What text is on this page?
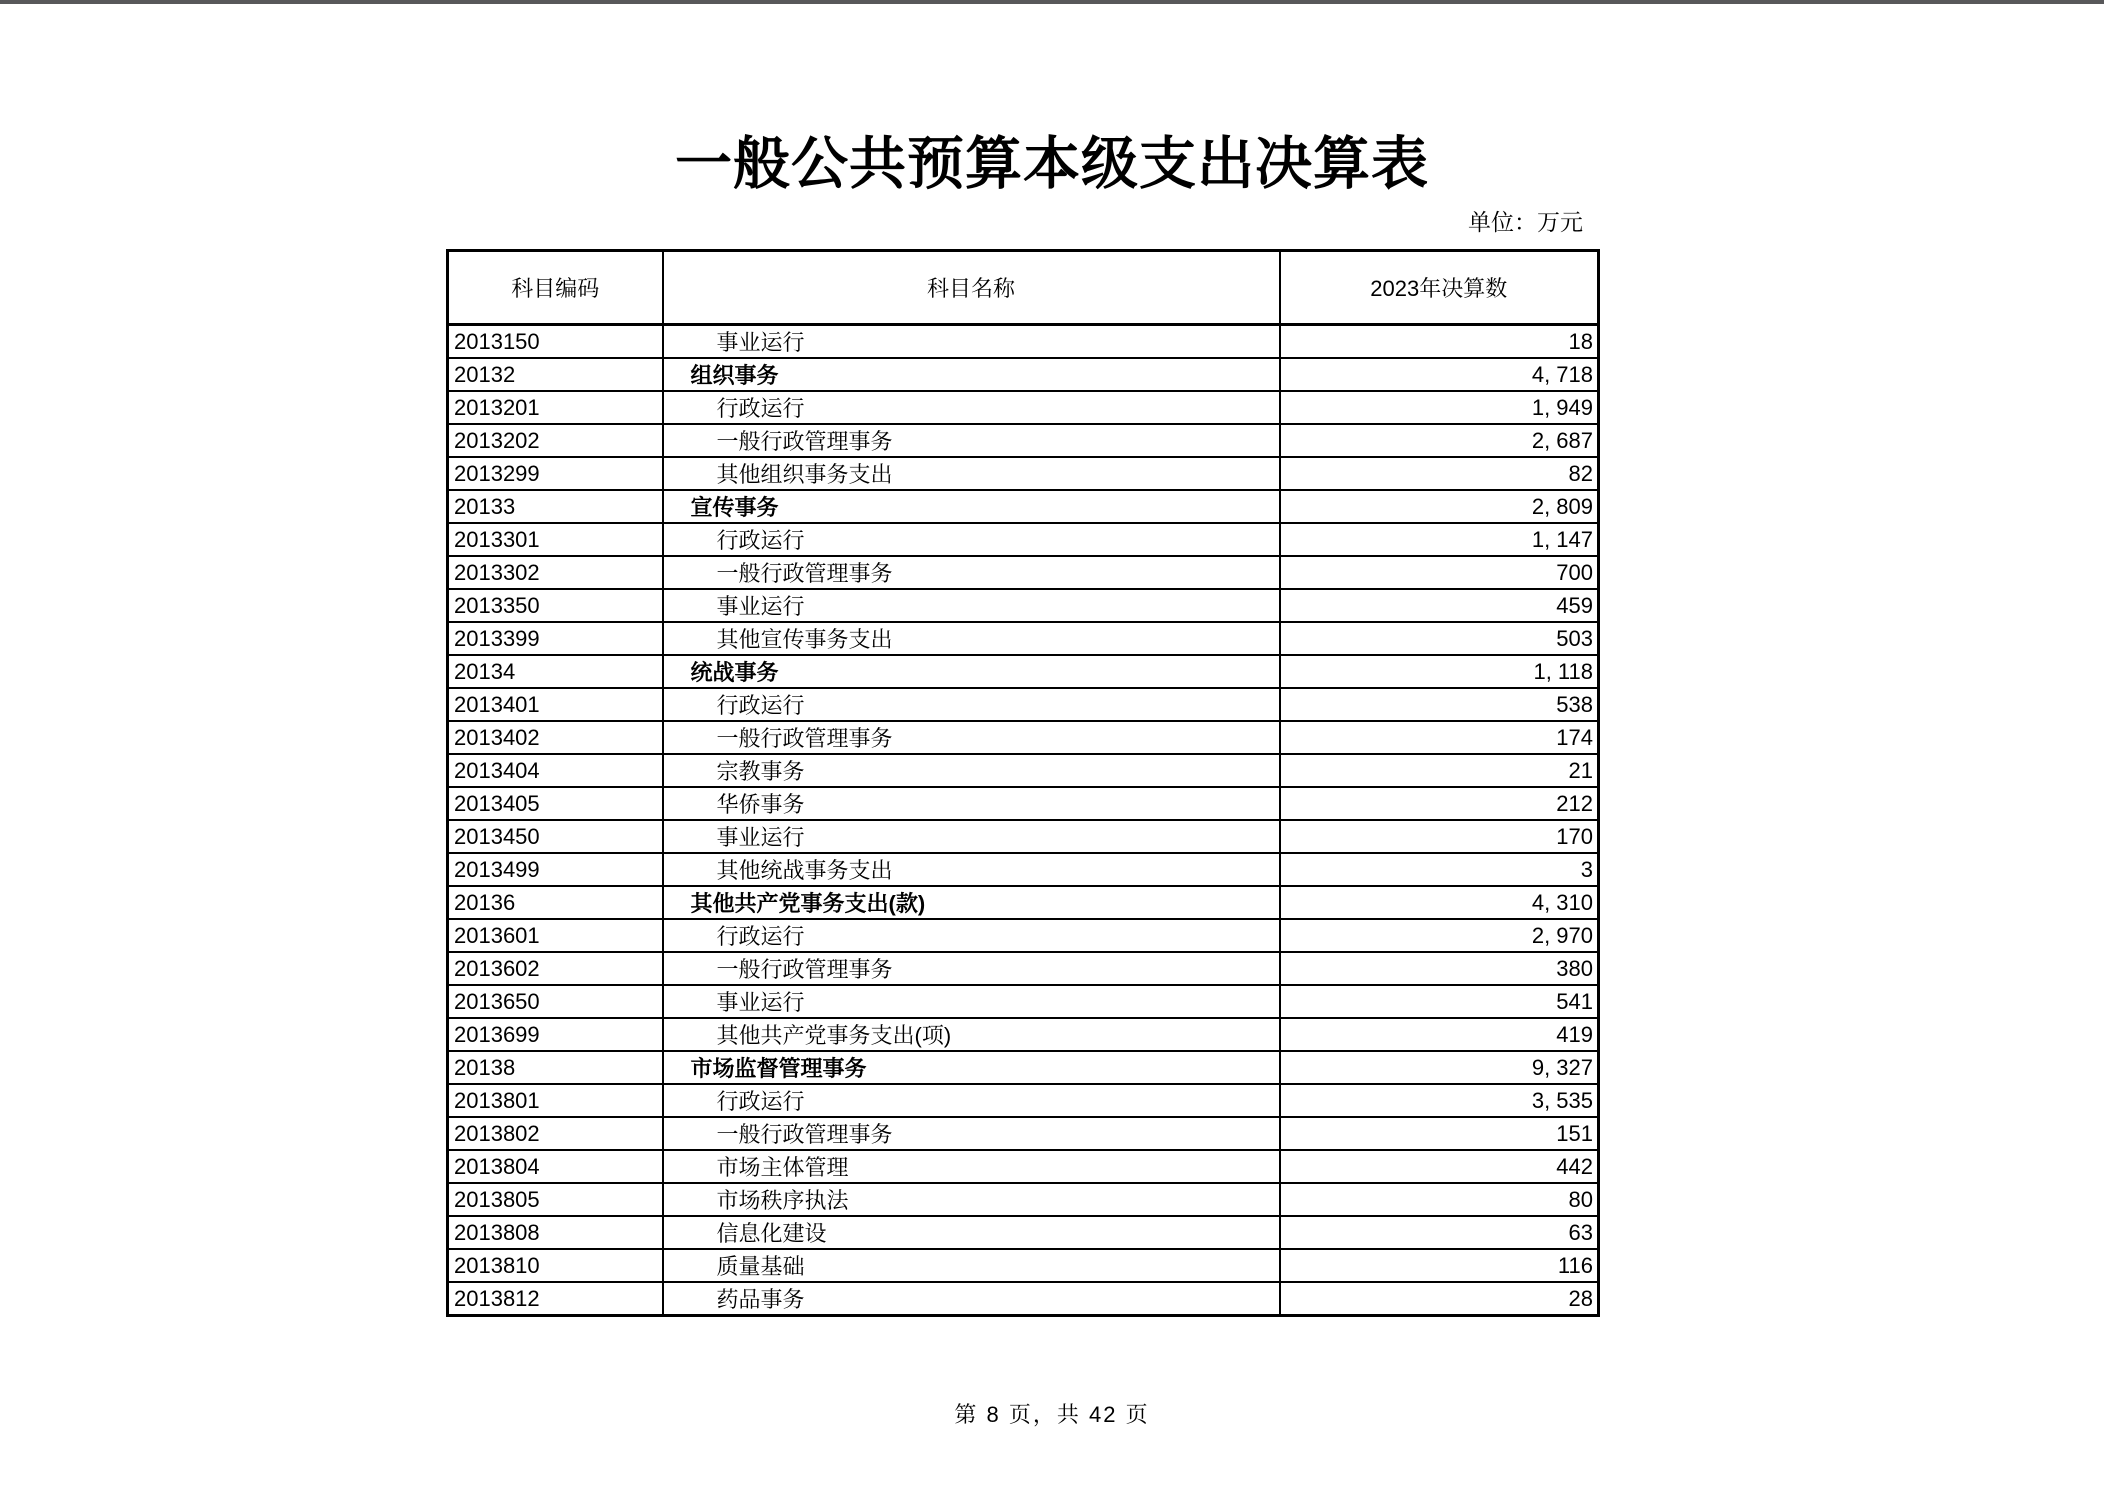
一般公共预算本级支出决算表
单位：万元
科目编码	科目名称	2023年决算数
2013150	事业运行	18
20132	组织事务	4, 718
2013201	行政运行	1, 949
2013202	一般行政管理事务	2, 687
2013299	其他组织事务支出	82
20133	宣传事务	2, 809
2013301	行政运行	1, 147
2013302	一般行政管理事务	700
2013350	事业运行	459
2013399	其他宣传事务支出	503
20134	统战事务	1, 118
2013401	行政运行	538
2013402	一般行政管理事务	174
2013404	宗教事务	21
2013405	华侨事务	212
2013450	事业运行	170
2013499	其他统战事务支出	3
20136	其他共产党事务支出(款)	4, 310
2013601	行政运行	2, 970
2013602	一般行政管理事务	380
2013650	事业运行	541
2013699	其他共产党事务支出(项)	419
20138	市场监督管理事务	9, 327
2013801	行政运行	3, 535
2013802	一般行政管理事务	151
2013804	市场主体管理	442
2013805	市场秩序执法	80
2013808	信息化建设	63
2013810	质量基础	116
2013812	药品事务	28
第 8 页，共 42 页
